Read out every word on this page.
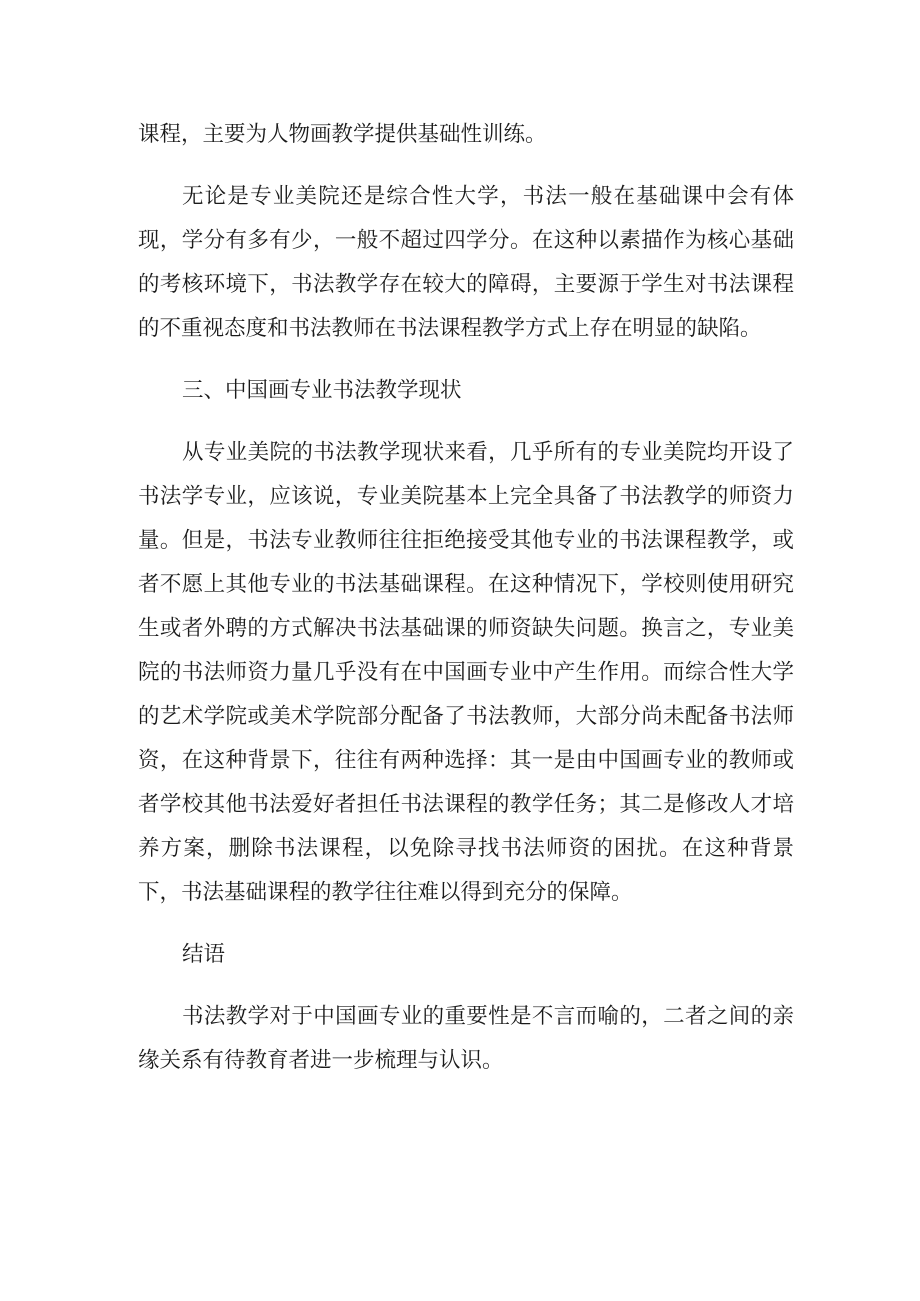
课程，主要为人物画教学提供基础性训练。

无论是专业美院还是综合性大学，书法一般在基础课中会有体现，学分有多有少，一般不超过四学分。在这种以素描作为核心基础的考核环境下，书法教学存在较大的障碍，主要源于学生对书法课程的不重视态度和书法教师在书法课程教学方式上存在明显的缺陷。

三、中国画专业书法教学现状

从专业美院的书法教学现状来看，几乎所有的专业美院均开设了书法学专业，应该说，专业美院基本上完全具备了书法教学的师资力量。但是，书法专业教师往往拒绝接受其他专业的书法课程教学，或者不愿上其他专业的书法基础课程。在这种情况下，学校则使用研究生或者外聘的方式解决书法基础课的师资缺失问题。换言之，专业美院的书法师资力量几乎没有在中国画专业中产生作用。而综合性大学的艺术学院或美术学院部分配备了书法教师，大部分尚未配备书法师资，在这种背景下，往往有两种选择：其一是由中国画专业的教师或者学校其他书法爱好者担任书法课程的教学任务；其二是修改人才培养方案，删除书法课程，以免除寻找书法师资的困扰。在这种背景下，书法基础课程的教学往往难以得到充分的保障。

结语

书法教学对于中国画专业的重要性是不言而喻的，二者之间的亲缘关系有待教育者进一步梳理与认识。
